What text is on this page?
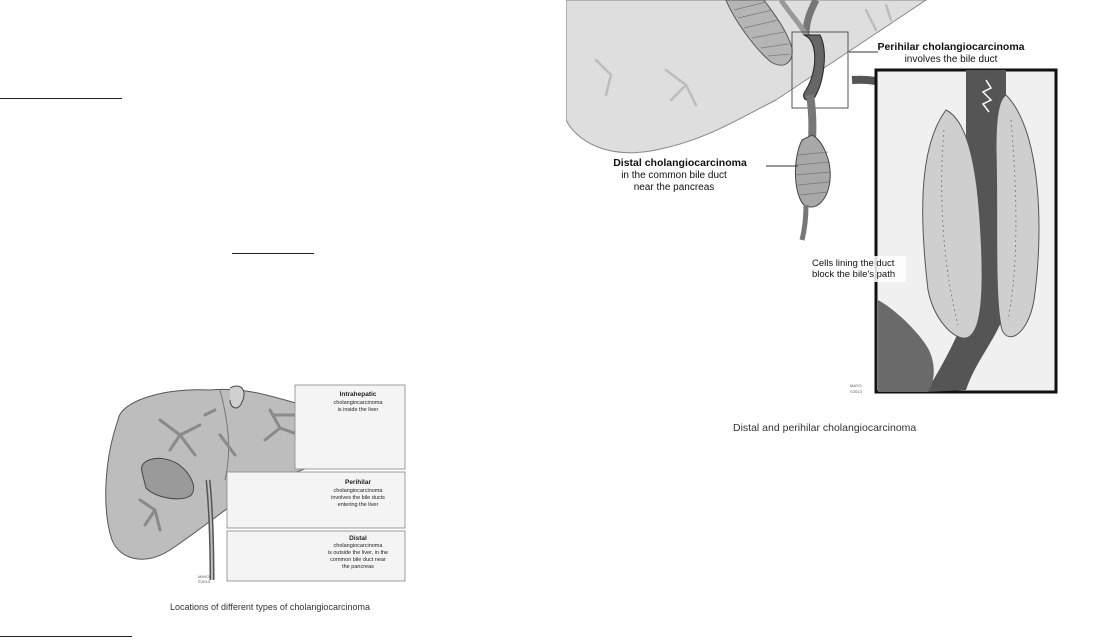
Intrahepatic
cholangiocarcinoma
is inside the liver
Perihilar
cholangiocarcinoma
involves the bile ducts
entering the liver
Distal
cholangiocarcinoma
is outside the liver, in the
common bile duct near
the pancreas
MAYO
©2013
Locations of different types of cholangiocarcinoma
Perihilar cholangiocarcinoma
involves the bile duct
Distal cholangiocarcinoma
in the common bile duct
near the pancreas
Cells lining the duct
block the bile's path
MAYO
©2013
Distal and perihilar cholangiocarcinoma
